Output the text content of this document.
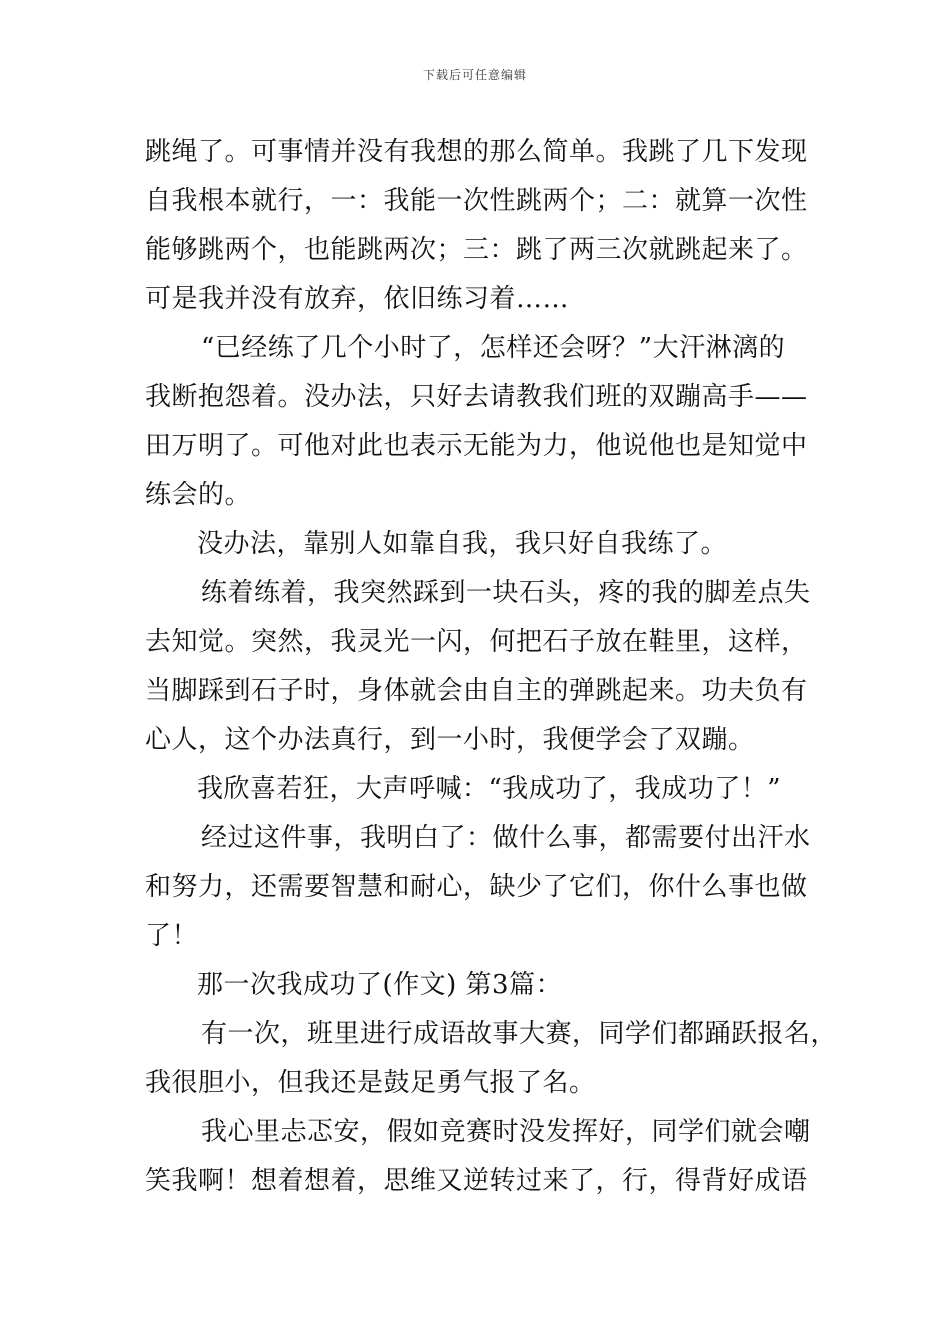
下载后可任意编辑
跳绳了。可事情并没有我想的那么简单。我跳了几下发现
自我根本就行，一：我能一次性跳两个；二：就算一次性
能够跳两个，也能跳两次；三：跳了两三次就跳起来了。
可是我并没有放弃，依旧练习着……
“已经练了几个小时了，怎样还会呀？”大汗淋漓的
我断抱怨着。没办法，只好去请教我们班的双蹦高手——
田万明了。可他对此也表示无能为力，他说他也是知觉中
练会的。
没办法，靠别人如靠自我，我只好自我练了。
练着练着，我突然踩到一块石头，疼的我的脚差点失
去知觉。突然，我灵光一闪，何把石子放在鞋里，这样，
当脚踩到石子时，身体就会由自主的弹跳起来。功夫负有
心人，这个办法真行，到一小时，我便学会了双蹦。
我欣喜若狂，大声呼喊：“我成功了，我成功了！”
经过这件事，我明白了：做什么事，都需要付出汗水
和努力，还需要智慧和耐心，缺少了它们，你什么事也做
了！
那一次我成功了(作文) 第3篇：
有一次，班里进行成语故事大赛，同学们都踊跃报名，
我很胆小，但我还是鼓足勇气报了名。
我心里忐忑安，假如竞赛时没发挥好，同学们就会嘲
笑我啊！想着想着，思维又逆转过来了，行，得背好成语
